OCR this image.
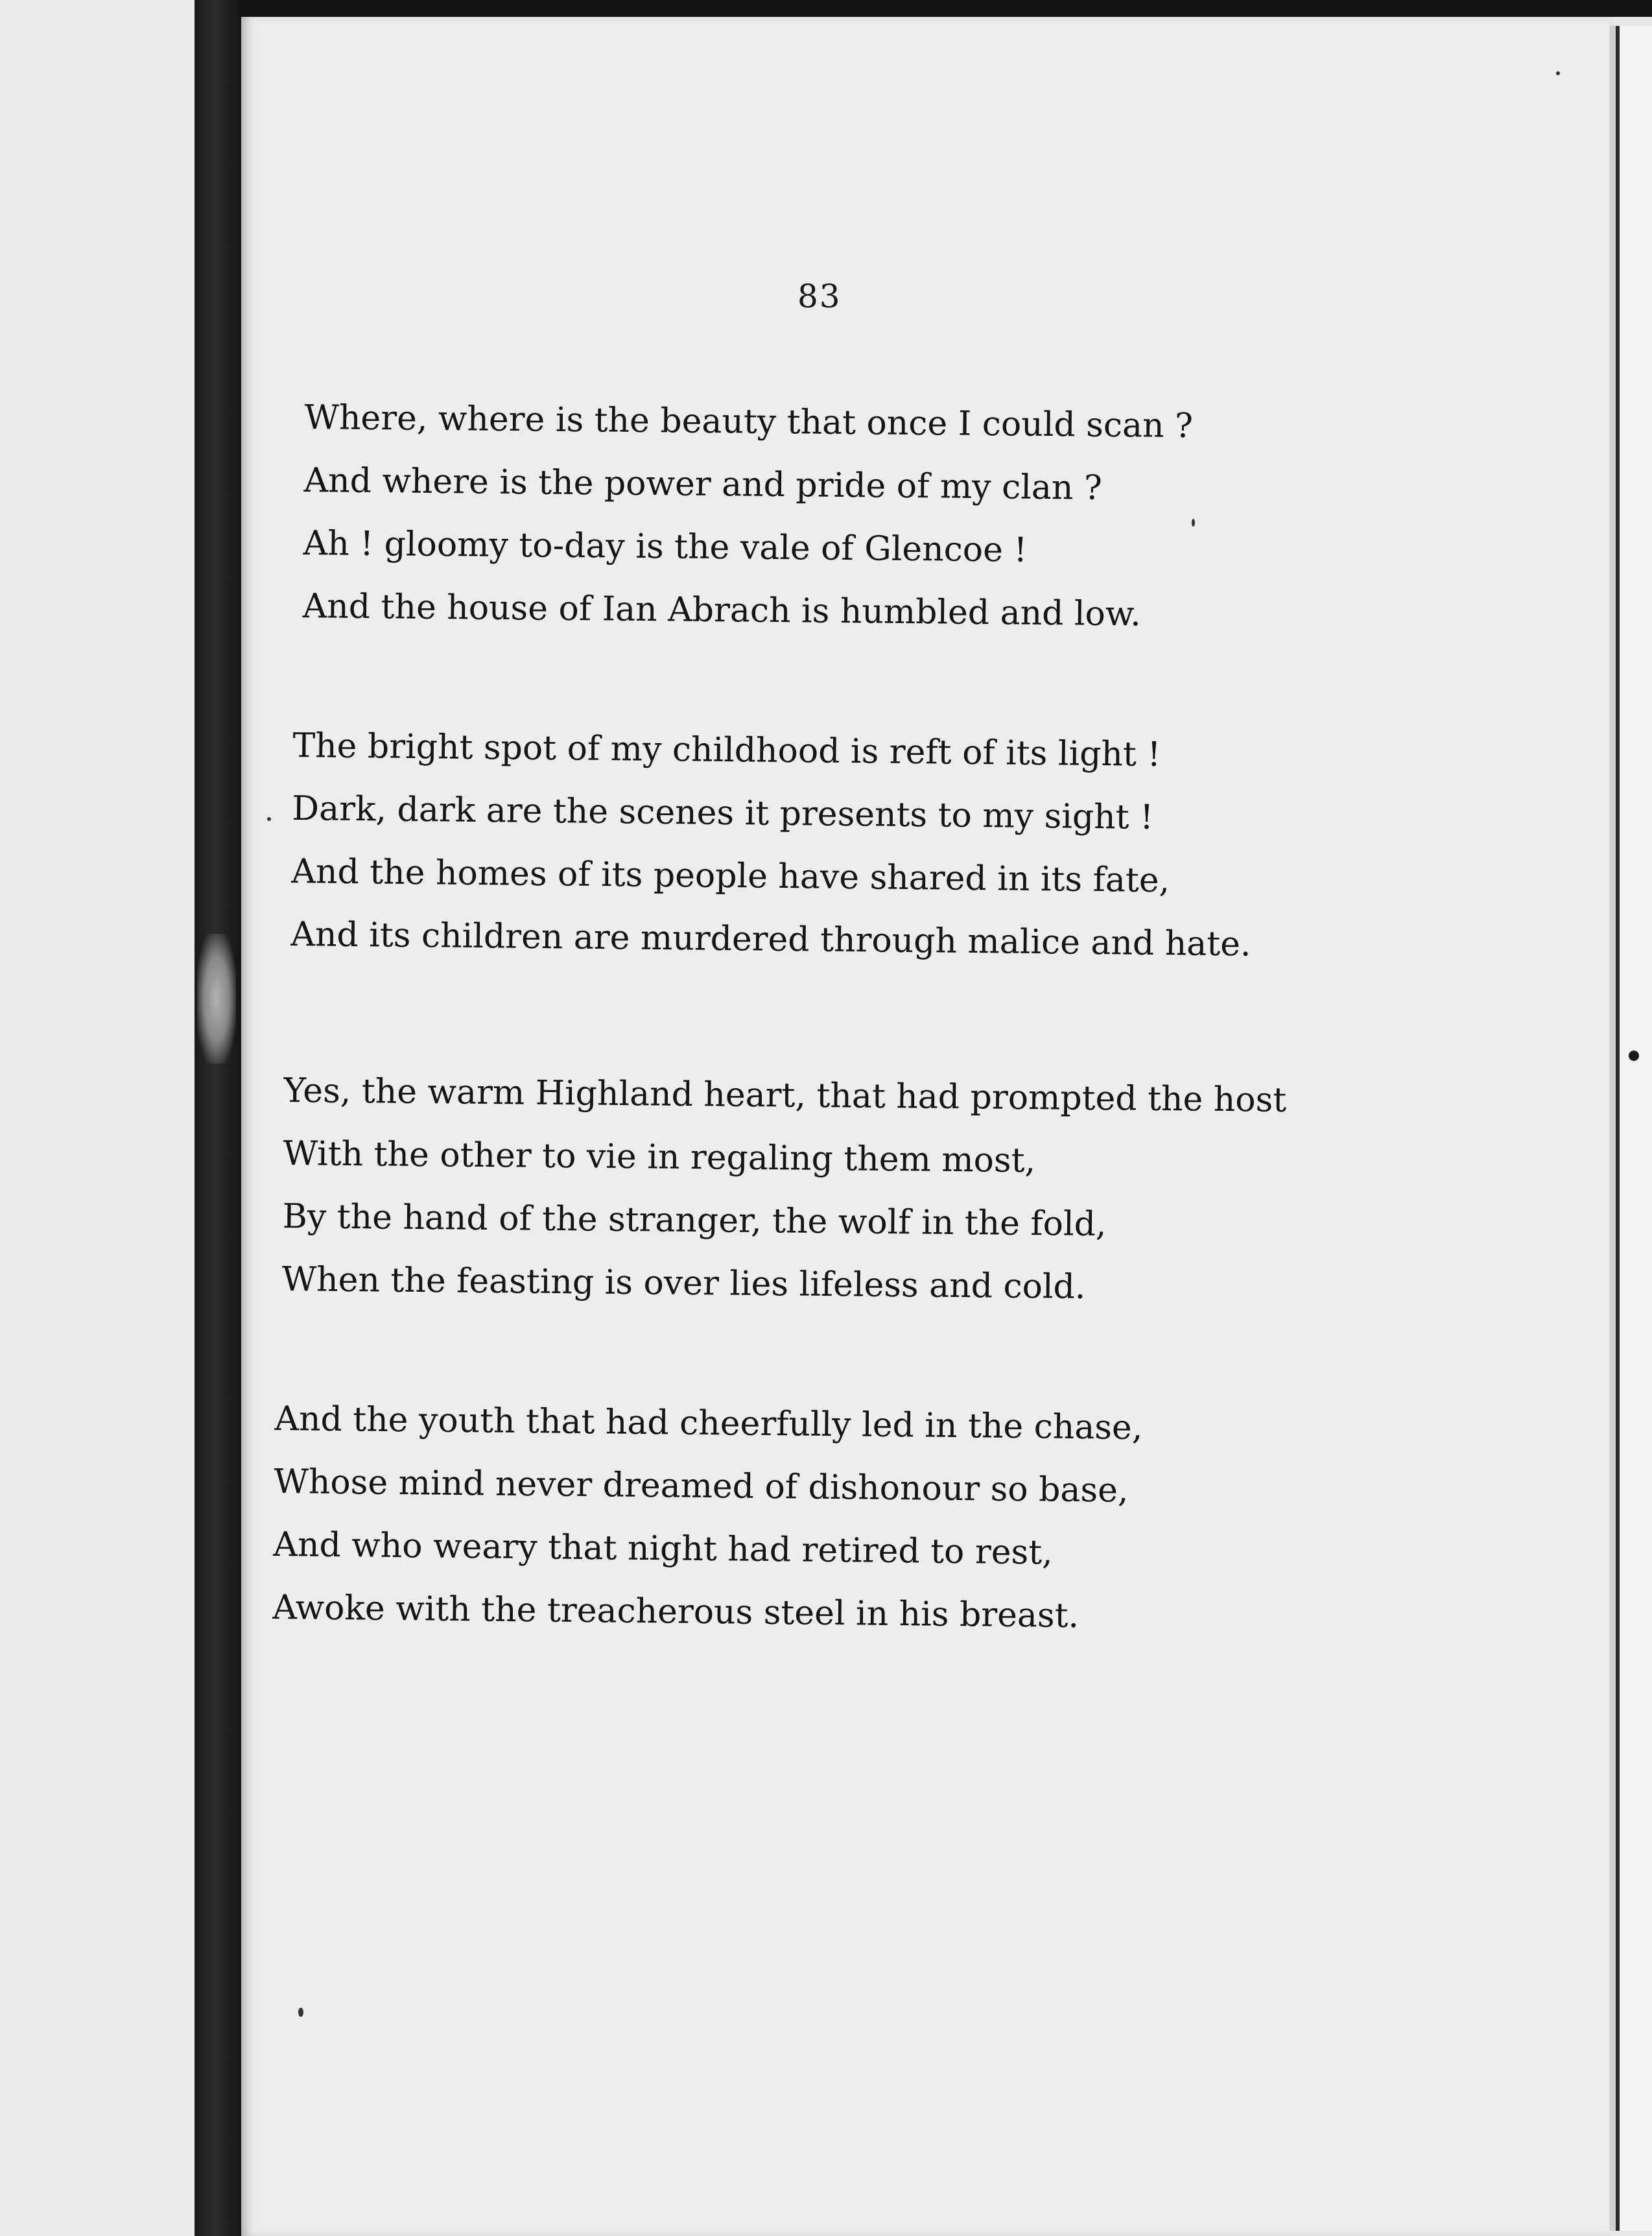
83
Where, where is the beauty that once I could scan ?
And where is the power and pride of my clan ?
Ah ! gloomy to-day is the vale of Glencoe !
And the house of Ian Abrach is humbled and low.
The bright spot of my childhood is reft of its light !
Dark, dark are the scenes it presents to my sight !
And the homes of its people have shared in its fate,
And its children are murdered through malice and hate.
Yes, the warm Highland heart, that had prompted the host
With the other to vie in regaling them most,
By the hand of the stranger, the wolf in the fold,
When the feasting is over lies lifeless and cold.
And the youth that had cheerfully led in the chase,
Whose mind never dreamed of dishonour so base,
And who weary that night had retired to rest,
Awoke with the treacherous steel in his breast.
